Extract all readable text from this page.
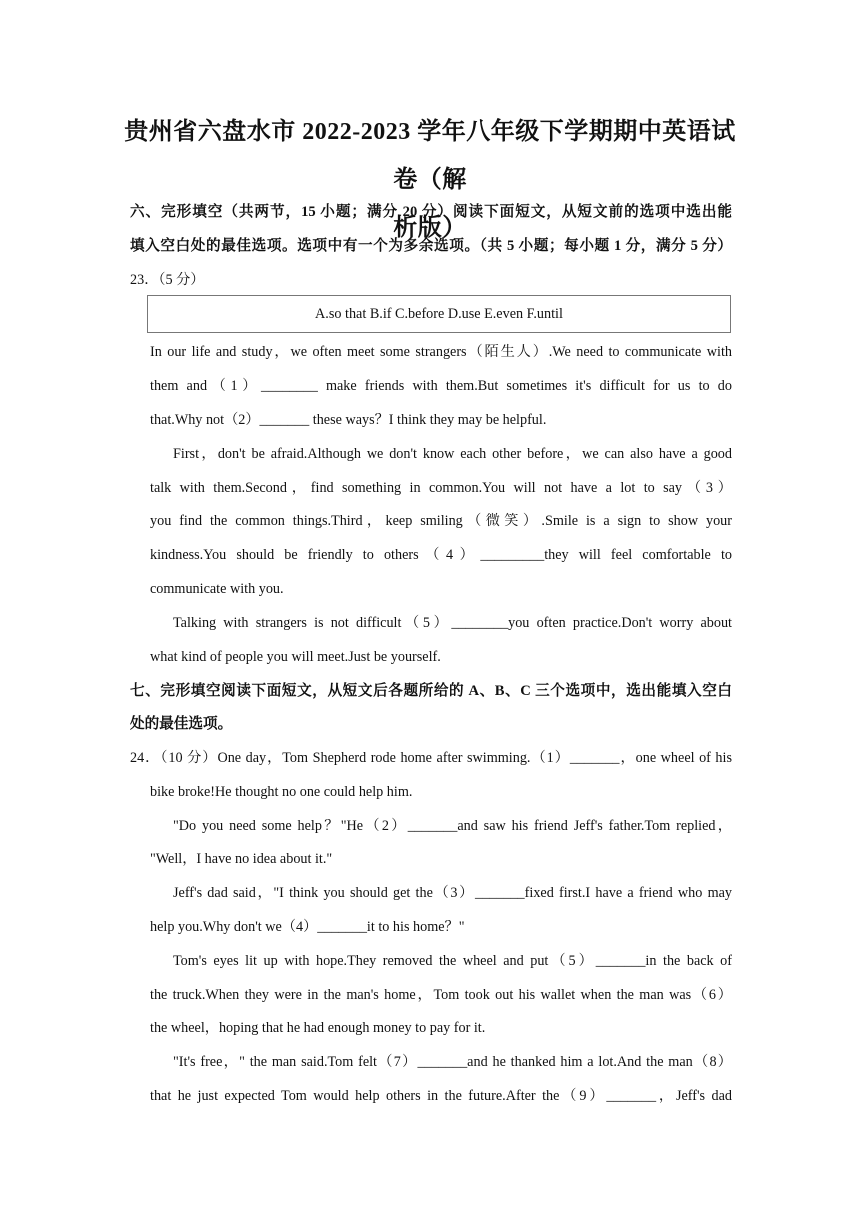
贵州省六盘水市 2022-2023 学年八年级下学期期中英语试卷（解
析版）
六、完形填空（共两节，15 小题；满分 20 分）阅读下面短文，从短文前的选项中选出能
填入空白处的最佳选项。选项中有一个为多余选项。（共 5 小题；每小题 1 分，满分 5 分）
23．（5 分）
A.so that B.if C.before D.use E.even F.until
In our life and study，we often meet some strangers（陌生人）.We need to communicate with
them and（1）________ make friends with them.But sometimes it's difficult for us to do
that.Why not（2）_______ these ways？I think they may be helpful.
First，don't be afraid.Although we don't know each other before，we can also have a good
talk with them.Second，find something in common.You will not have a lot to say（3）
you find the common things.Third，keep smiling（微笑）.Smile is a sign to show your
kindness.You should be friendly to others（4）_________they will feel comfortable to
communicate with you.
Talking with strangers is not difficult（5）________you often practice.Don't worry about
what kind of people you will meet.Just be yourself.
七、完形填空阅读下面短文，从短文后各题所给的 A、B、C 三个选项中，选出能填入空白
处的最佳选项。
24．（10 分）One day，Tom Shepherd rode home after swimming.（1）_______，one wheel of his
bike broke!He thought no one could help him.
"Do you need some help？"He（2）_______and saw his friend Jeff's father.Tom replied，
"Well，I have no idea about it."
Jeff's dad said，"I think you should get the（3）_______fixed first.I have a friend who may
help you.Why don't we（4）_______it to his home？"
Tom's eyes lit up with hope.They removed the wheel and put（5）_______in the back of
the truck.When they were in the man's home，Tom took out his wallet when the man was（6）
the wheel，hoping that he had enough money to pay for it.
"It's free，" the man said.Tom felt（7）_______and he thanked him a lot.And the man（8）
that he just expected Tom would help others in the future.After the（9）_______，Jeff's dad
